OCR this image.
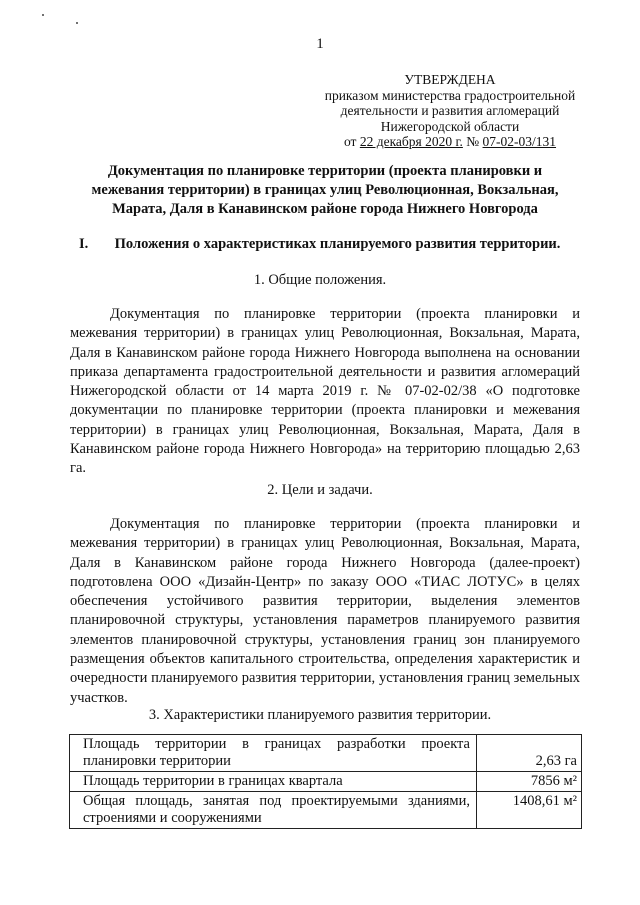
1
УТВЕРЖДЕНА
приказом министерства градостроительной
деятельности и развития агломераций
Нижегородской области
от 22 декабря 2020 г. № 07-02-03/131
Документация по планировке территории (проекта планировки и межевания территории) в границах улиц Революционная, Вокзальная, Марата, Даля в Канавинском районе города Нижнего Новгорода
I. Положения о характеристиках планируемого развития территории.
1. Общие положения.
Документация по планировке территории (проекта планировки и межевания территории) в границах улиц Революционная, Вокзальная, Марата, Даля в Канавинском районе города Нижнего Новгорода выполнена на основании приказа департамента градостроительной деятельности и развития агломераций Нижегородской области от 14 марта 2019 г. № 07-02-02/38 «О подготовке документации по планировке территории (проекта планировки и межевания территории) в границах улиц Революционная, Вокзальная, Марата, Даля в Канавинском районе города Нижнего Новгорода» на территорию площадью 2,63 га.
2. Цели и задачи.
Документация по планировке территории (проекта планировки и межевания территории) в границах улиц Революционная, Вокзальная, Марата, Даля в Канавинском районе города Нижнего Новгорода (далее-проект) подготовлена ООО «Дизайн-Центр» по заказу ООО «ТИАС ЛОТУС» в целях обеспечения устойчивого развития территории, выделения элементов планировочной структуры, установления параметров планируемого развития элементов планировочной структуры, установления границ зон планируемого размещения объектов капитального строительства, определения характеристик и очередности планируемого развития территории, установления границ земельных участков.
3. Характеристики планируемого развития территории.
Площадь территории в границах разработки проекта планировки территории	2,63 га
Площадь территории в границах квартала	7856 м²
Общая площадь, занятая под проектируемыми зданиями, строениями и сооружениями	1408,61 м²
